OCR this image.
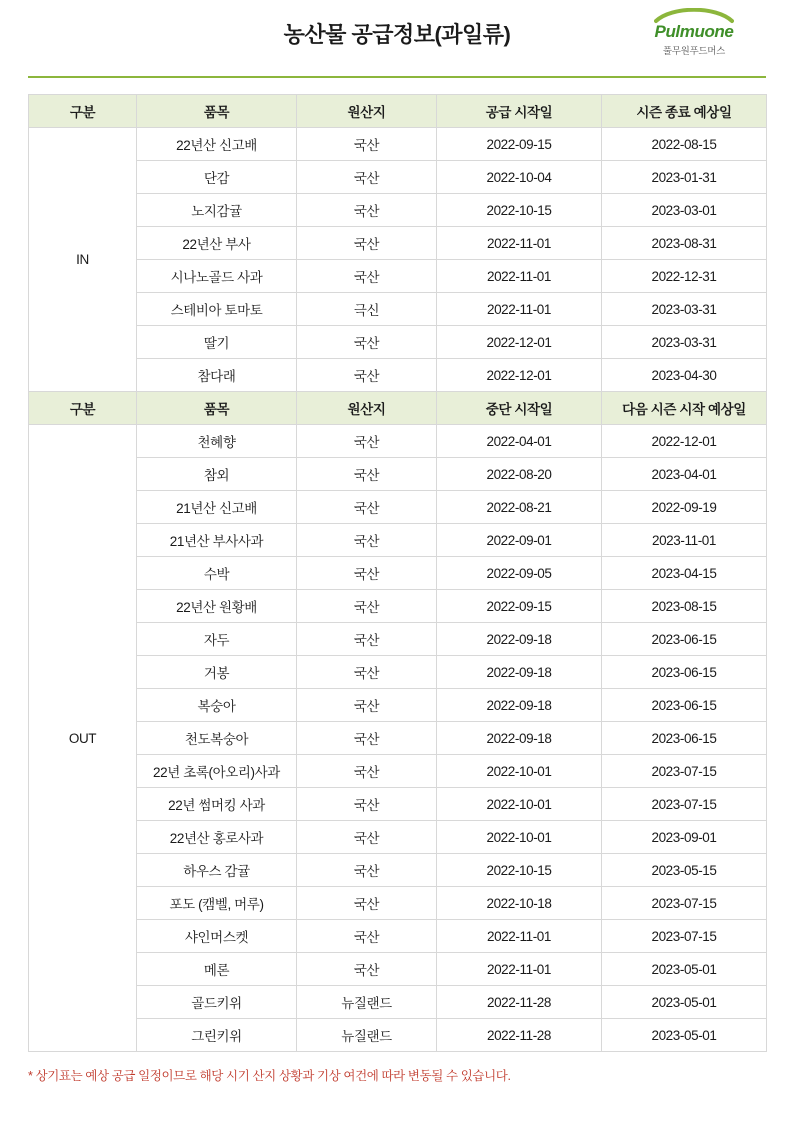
농산물 공급정보(과일류)	Pulmuone
풀무원푸드머스
구분	품목	원산지	공급 시작일	시즌 종료 예상일
IN	22년산 신고배	국산	2022-09-15	2022-08-15
	단감	국산	2022-10-04	2023-01-31
	노지감귤	국산	2022-10-15	2023-03-01
	22년산 부사	국산	2022-11-01	2023-08-31
	시나노골드 사과	국산	2022-11-01	2022-12-31
	스테비아 토마토	극신	2022-11-01	2023-03-31
	딸기	국산	2022-12-01	2023-03-31
	참다래	국산	2022-12-01	2023-04-30
구분	품목	원산지	중단 시작일	다음 시즌 시작 예상일
OUT	천혜향	국산	2022-04-01	2022-12-01
	참외	국산	2022-08-20	2023-04-01
	21년산 신고배	국산	2022-08-21	2022-09-19
	21년산 부사사과	국산	2022-09-01	2023-11-01
	수박	국산	2022-09-05	2023-04-15
	22년산 원황배	국산	2022-09-15	2023-08-15
	자두	국산	2022-09-18	2023-06-15
	거봉	국산	2022-09-18	2023-06-15
	복숭아	국산	2022-09-18	2023-06-15
	천도복숭아	국산	2022-09-18	2023-06-15
	22년 초록(아오리)사과	국산	2022-10-01	2023-07-15
	22년 썸머킹 사과	국산	2022-10-01	2023-07-15
	22년산 홍로사과	국산	2022-10-01	2023-09-01
	하우스 감귤	국산	2022-10-15	2023-05-15
	포도 (캠벨, 머루)	국산	2022-10-18	2023-07-15
	샤인머스켓	국산	2022-11-01	2023-07-15
	메론	국산	2022-11-01	2023-05-01
	골드키위	뉴질랜드	2022-11-28	2023-05-01
	그린키위	뉴질랜드	2022-11-28	2023-05-01
* 상기표는 예상 공급 일정이므로 해당 시기 산지 상황과 기상 여건에 따라 변동될 수 있습니다.
